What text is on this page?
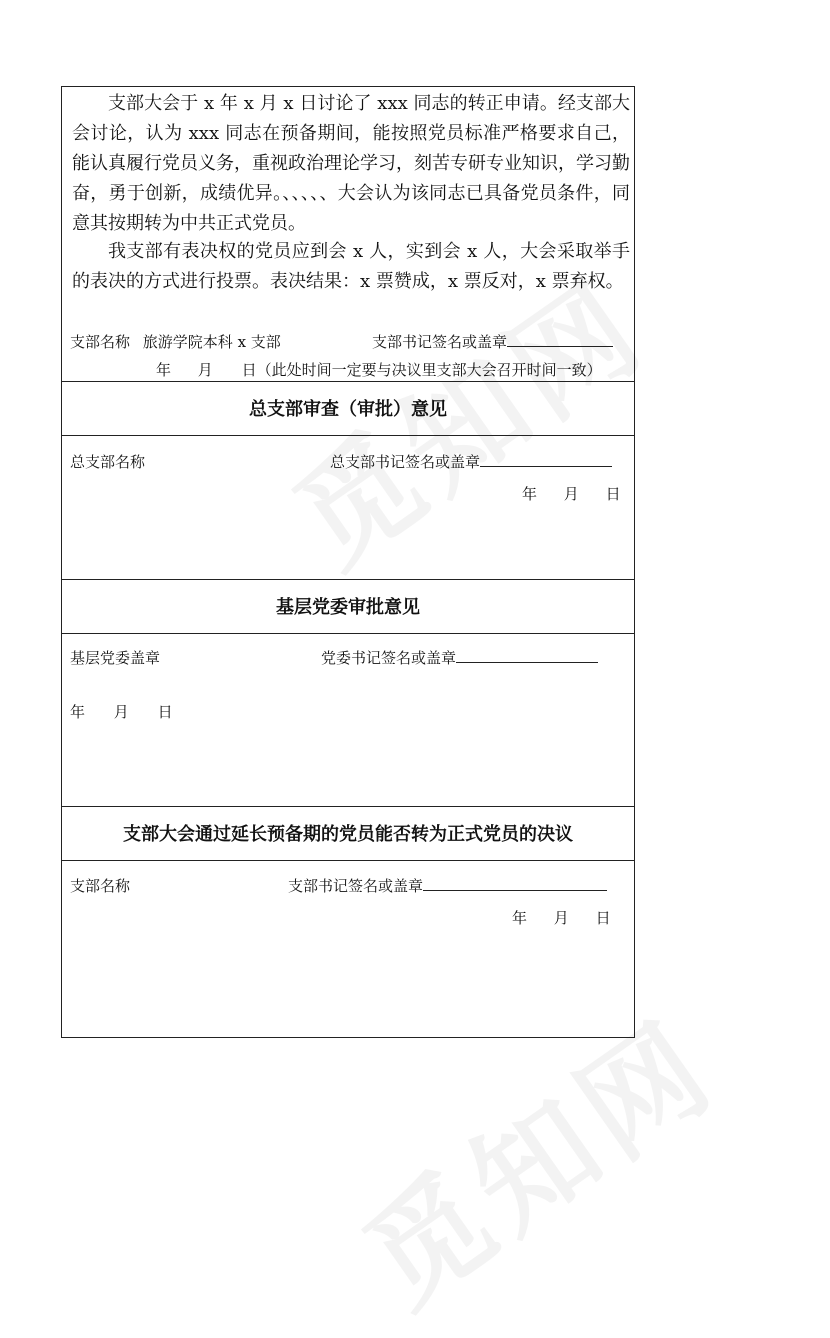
支部大会于 x 年 x 月 x 日讨论了 xxx 同志的转正申请。经支部大会讨论，认为 xxx 同志在预备期间，能按照党员标准严格要求自己，能认真履行党员义务，重视政治理论学习，刻苦专研专业知识，学习勤奋，勇于创新，成绩优异。、、、、、大会认为该同志已具备党员条件，同意其按期转为中共正式党员。

我支部有表决权的党员应到会 x 人，实到会 x 人，大会采取举手的表决的方式进行投票。表决结果：x 票赞成，x 票反对，x 票弃权。

支部名称 旅游学院本科 x 支部	支部书记签名或盖章
年 月 日（此处时间一定要与决议里支部大会召开时间一致）
总支部审查（审批）意见
总支部名称	总支部书记签名或盖章
年 月 日
基层党委审批意见
基层党委盖章	党委书记签名或盖章
年 月 日
支部大会通过延长预备期的党员能否转为正式党员的决议
支部名称	支部书记签名或盖章
年 月 日
